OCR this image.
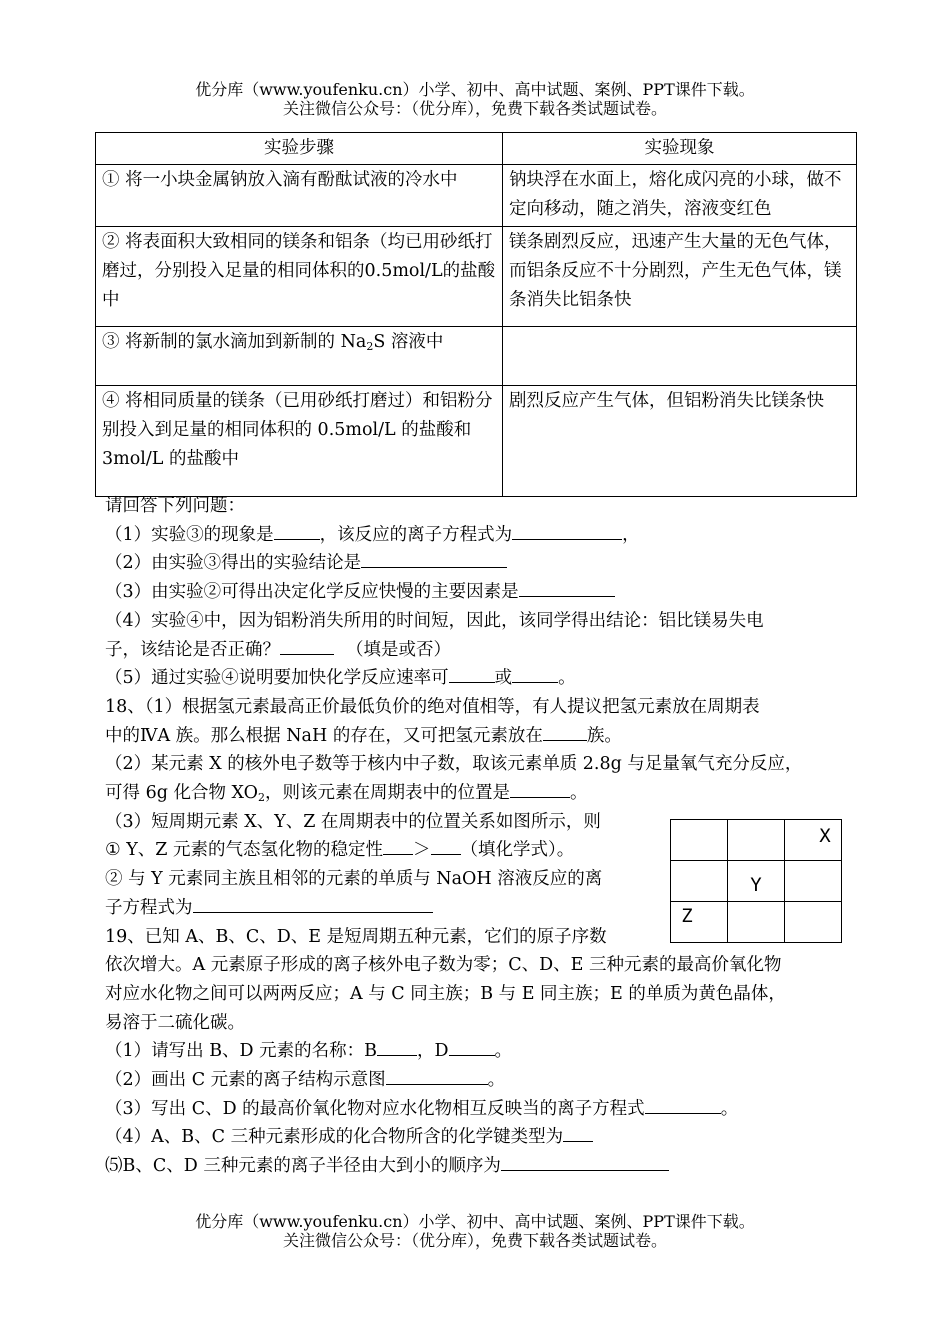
优分库（www.youfenku.cn）小学、初中、高中试题、案例、PPT课件下载。
关注微信公众号：（优分库），免费下载各类试题试卷。
实验步骤	实验现象
① 将一小块金属钠放入滴有酚酞试液的冷水中	钠块浮在水面上，熔化成闪亮的小球，做不定向移动，随之消失，溶液变红色
② 将表面积大致相同的镁条和铝条（均已用砂纸打磨过，分别投入足量的相同体积的0.5mol/L的盐酸中	镁条剧烈反应，迅速产生大量的无色气体，而铝条反应不十分剧烈，产生无色气体，镁条消失比铝条快
③ 将新制的氯水滴加到新制的 $Na_2S$ 溶液中	
④ 将相同质量的镁条（已用砂纸打磨过）和铝粉分别投入到足量的相同体积的 0.5mol/L 的盐酸和 3mol/L 的盐酸中	剧烈反应产生气体，但铝粉消失比镁条快

请回答下列问题：

（1）实验③的现象是	，该反应的离子方程式为	，

（2）由实验③得出的实验结论是

（3）由实验②可得出决定化学反应快慢的主要因素是

（4）实验④中，因为铝粉消失所用的时间短，因此，该同学得出结论：铝比镁易失电

子，该结论是否正确？	（填是或否）

（5）通过实验④说明要加快化学反应速率可	或	。

18、（1）根据氢元素最高正价最低负价的绝对值相等，有人提议把氢元素放在周期表

中的ⅣA 族。那么根据 NaH 的存在，又可把氢元素放在	族。

（2）某元素 X 的核外电子数等于核内中子数，取该元素单质 2.8g 与足量氧气充分反应，

可得 6g 化合物 $XO_2$，则该元素在周期表中的位置是	。

（3）短周期元素 X、Y、Z 在周期表中的位置关系如图所示，则

① Y、Z 元素的气态氢化物的稳定性 ＞ （填化学式）。

② 与 Y 元素同主族且相邻的元素的单质与 NaOH 溶液反应的离

子方程式为

19、已知 A、B、C、D、E 是短周期五种元素，它们的原子序数

依次增大。A 元素原子形成的离子核外电子数为零；C、D、E 三种元素的最高价氧化物

对应水化物之间可以两两反应；A 与 C 同主族；B 与 E 同主族；E 的单质为黄色晶体，

易溶于二硫化碳。

（1）请写出 B、D 元素的名称：B ，D	。

（2）画出 C 元素的离子结构示意图	。

（3）写出 C、D 的最高价氧化物对应水化物相互反映当的离子方程式	。

（4）A、B、C 三种元素形成的化合物所含的化学键类型为

⑸B、C、D 三种元素的离子半径由大到小的顺序为

		X
	Y	
Z		
优分库（www.youfenku.cn）小学、初中、高中试题、案例、PPT课件下载。
关注微信公众号：（优分库），免费下载各类试题试卷。
